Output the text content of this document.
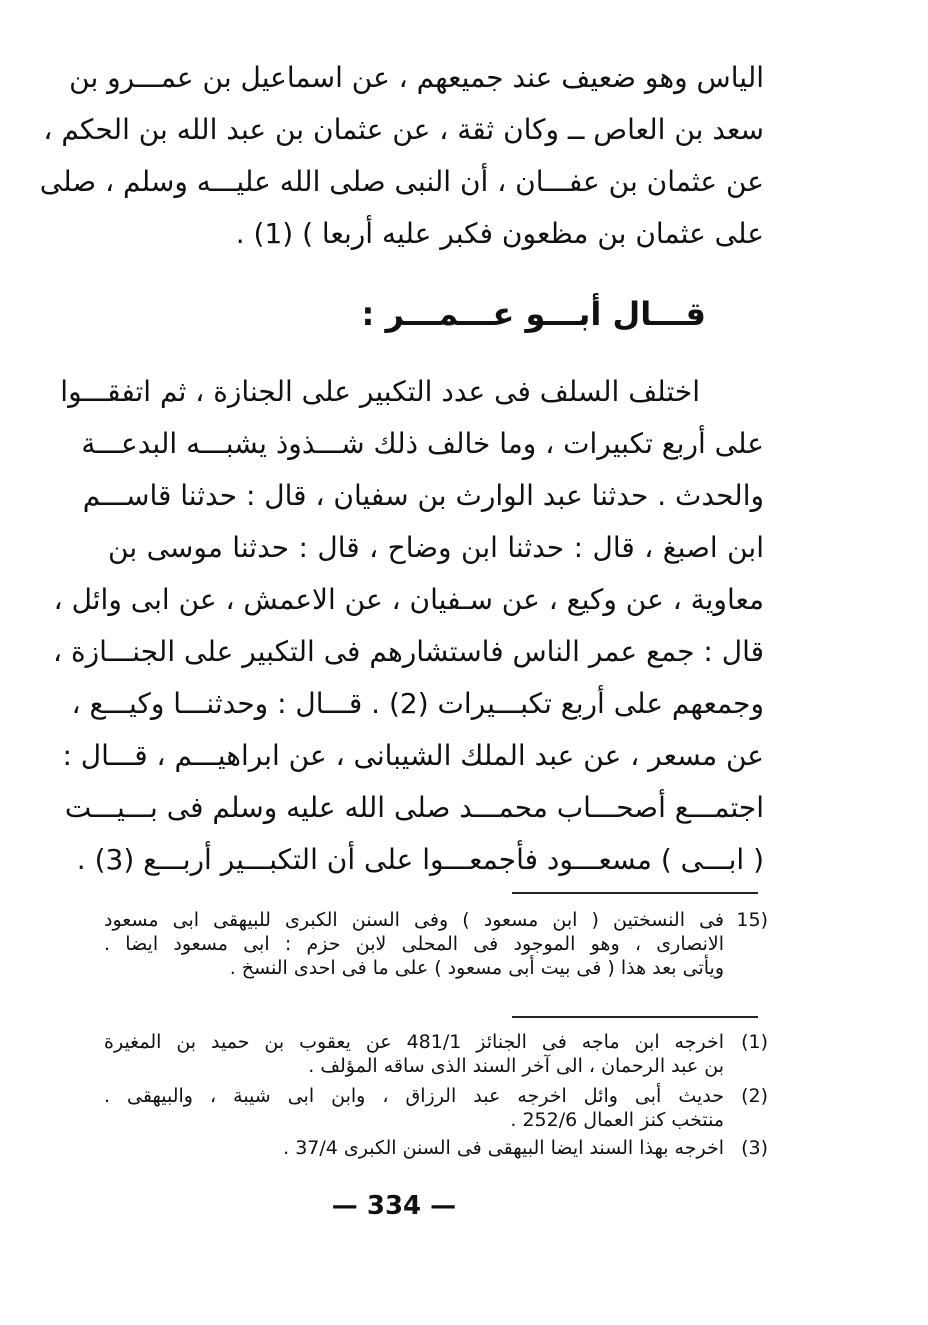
الياس وهو ضعيف عند جميعهم ، عن اسماعيل بن عمـــرو بن
سعد بن العاص ــ وكان ثقة ، عن عثمان بن عبد الله بن الحكم ،
عن عثمان بن عفـــان ، أن النبى صلى الله عليـــه وسلم ، صلى
على عثمان بن مظعون فكبر عليه أربعا ) (1) .
قـــال أبـــو عـــمـــر :
اختلف السلف فى عدد التكبير على الجنازة ، ثم اتفقـــوا
على أربع تكبيرات ، وما خالف ذلك شـــذوذ يشبـــه البدعـــة
والحدث . حدثنا عبد الوارث بن سفيان ، قال : حدثنا قاســـم
ابن اصبغ ، قال : حدثنا ابن وضاح ، قال : حدثنا موسى بن
معاوية ، عن وكيع ، عن سـفيان ، عن الاعمش ، عن ابى وائل ،
قال : جمع عمر الناس فاستشارهم فى التكبير على الجنـــازة ،
وجمعهم على أربع تكبـــيرات (2) . قـــال : وحدثنـــا وكيـــع ،
عن مسعر ، عن عبد الملك الشيبانى ، عن ابراهيـــم ، قـــال :
اجتمـــع أصحـــاب محمـــد صلى الله عليه وسلم فى بـــيـــت
( ابـــى ) مسعـــود فأجمعـــوا على أن التكبـــير أربـــع (3) .
(15
فى النسختين ( ابن مسعود ) وفى السنن الكبرى للبيهقى ابى مسعود
الانصارى ، وهو الموجود فى المحلى لابن حزم : ابى مسعود ايضا .
ويأتى بعد هذا ( فى بيت أبى مسعود ) على ما فى احدى النسخ .
(1)
اخرجه ابن ماجه فى الجنائز 481/1 عن يعقوب بن حميد بن المغيرة
بن عبد الرحمان ، الى آخر السند الذى ساقه المؤلف .
(2)
حديث أبى وائل اخرجه عبد الرزاق ، وابن ابى شيبة ، والبيهقى .
منتخب كنز العمال 252/6 .
(3)
اخرجه بهذا السند ايضا البيهقى فى السنن الكبرى 37/4 .
— 334 —
